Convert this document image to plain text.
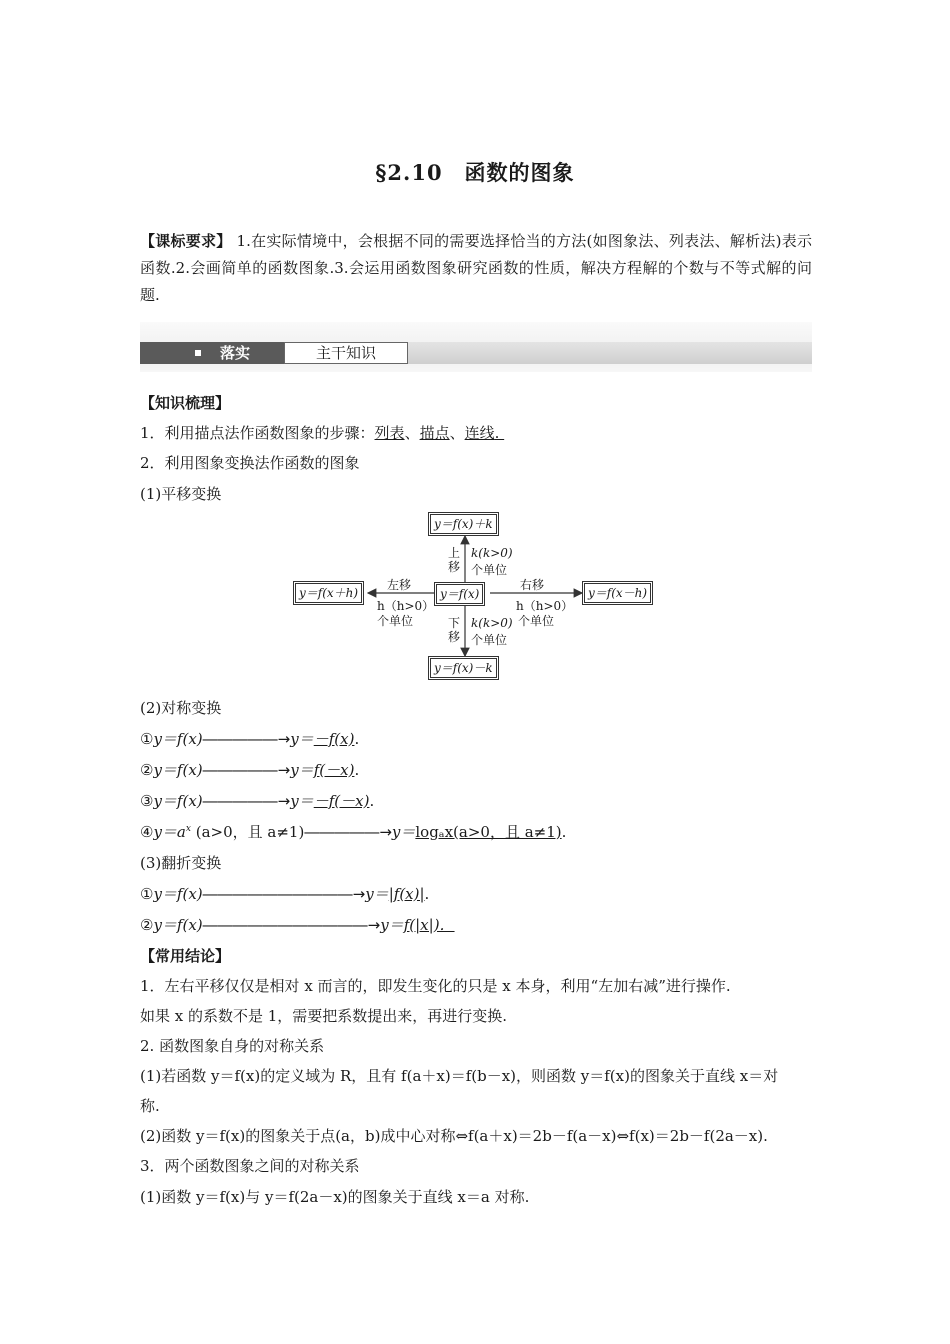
§2.10　函数的图象
【课标要求】 1.在实际情境中，会根据不同的需要选择恰当的方法(如图象法、列表法、解析法)表示函数.2.会画简单的函数图象.3.会运用函数图象研究函数的性质，解决方程解的个数与不等式解的问题.
落实	主干知识
【知识梳理】
1．利用描点法作函数图象的步骤：列表、描点、连线.
2．利用图象变换法作函数的图象
(1)平移变换
y＝f(x)＋k
y＝f(x)
y＝f(x)－k
y＝f(x＋h)	y＝f(x－h)
上移
k(k>0)
个单位
下移
k(k>0)
个单位
左移
h（h>0）
个单位
右移
h（h>0）
个单位
(2)对称变换
①y＝f(x)―――――→y＝－f(x).
②y＝f(x)―――――→y＝f(－x).
③y＝f(x)―――――→y＝－f(－x).
$④y=a^x$ (a>0，且 a≠1)―――――→y＝logₐx(a>0，且 a≠1).
(3)翻折变换
①y＝f(x)――――――――――→y＝|f(x)|.
②y＝f(x)―――――――――――→y＝f(|x|)．
【常用结论】
1．左右平移仅仅是相对 x 而言的，即发生变化的只是 x 本身，利用“左加右减”进行操作.
如果 x 的系数不是 1，需要把系数提出来，再进行变换.
2. 函数图象自身的对称关系
(1)若函数 y＝f(x)的定义域为 R，且有 f(a＋x)＝f(b－x)，则函数 y＝f(x)的图象关于直线 x＝对
称.
(2)函数 y＝f(x)的图象关于点(a，b)成中心对称⇔f(a＋x)＝2b－f(a－x)⇔f(x)＝2b－f(2a－x).
3．两个函数图象之间的对称关系
(1)函数 y＝f(x)与 y＝f(2a－x)的图象关于直线 x＝a 对称.
